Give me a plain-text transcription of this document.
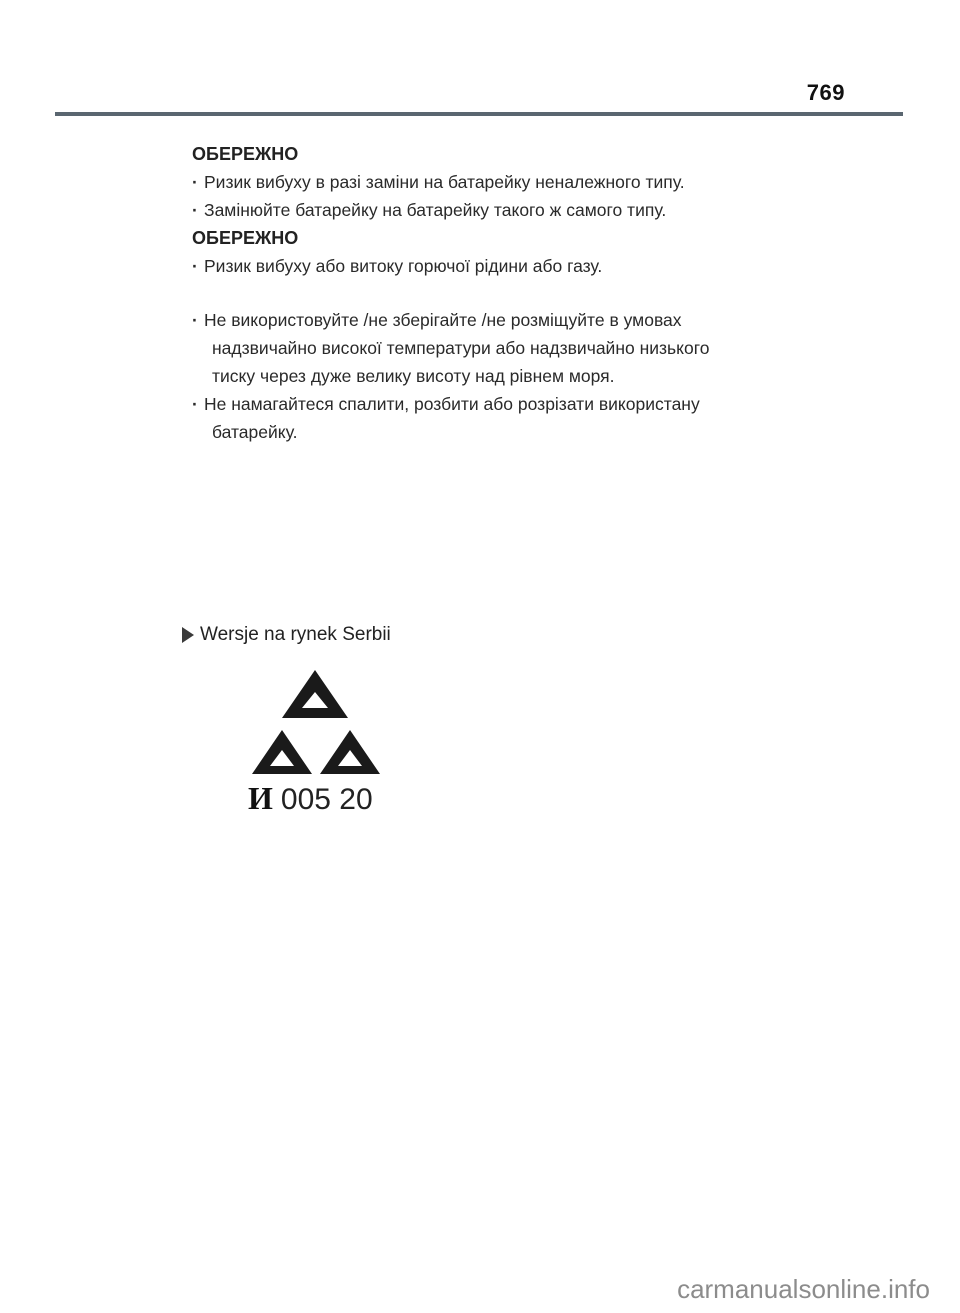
769
ОБЕРЕЖНО
· Ризик вибуху в разі заміни на батарейку неналежного типу.
· Замінюйте батарейку на батарейку такого ж самого типу.
ОБЕРЕЖНО
· Ризик вибуху або витоку горючої рідини або газу.
· Не використовуйте /не зберігайте /не розміщуйте в умовах
надзвичайно високої температури або надзвичайно низького
тиску через дуже велику висоту над рівнем моря.
· Не намагайтеся спалити, розбити або розрізати використану
батарейку.
Wersje na rynek Serbii
И 005 20
carmanualsonline.info
